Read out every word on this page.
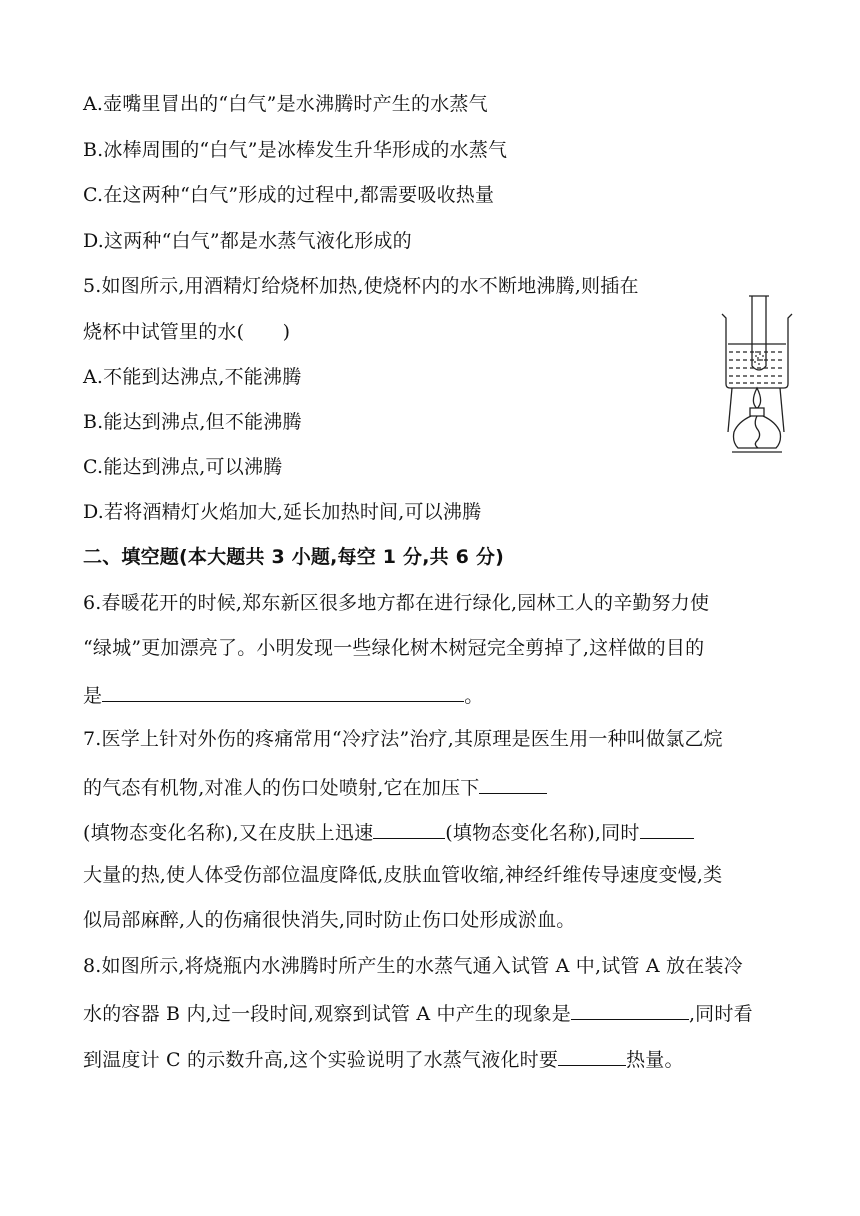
A.壶嘴里冒出的“白气”是水沸腾时产生的水蒸气
B.冰棒周围的“白气”是冰棒发生升华形成的水蒸气
C.在这两种“白气”形成的过程中,都需要吸收热量
D.这两种“白气”都是水蒸气液化形成的
5.如图所示,用酒精灯给烧杯加热,使烧杯内的水不断地沸腾,则插在
烧杯中试管里的水(　　)
A.不能到达沸点,不能沸腾
B.能达到沸点,但不能沸腾
C.能达到沸点,可以沸腾
D.若将酒精灯火焰加大,延长加热时间,可以沸腾
二、填空题(本大题共 3 小题,每空 1 分,共 6 分)
6.春暖花开的时候,郑东新区很多地方都在进行绿化,园林工人的辛勤努力使
“绿城”更加漂亮了。小明发现一些绿化树木树冠完全剪掉了,这样做的目的
是	。
7.医学上针对外伤的疼痛常用“冷疗法”治疗,其原理是医生用一种叫做氯乙烷
的气态有机物,对准人的伤口处喷射,它在加压下
(填物态变化名称),又在皮肤上迅速	(填物态变化名称),同时
大量的热,使人体受伤部位温度降低,皮肤血管收缩,神经纤维传导速度变慢,类
似局部麻醉,人的伤痛很快消失,同时防止伤口处形成淤血。
8.如图所示,将烧瓶内水沸腾时所产生的水蒸气通入试管 A 中,试管 A 放在装冷
水的容器 B 内,过一段时间,观察到试管 A 中产生的现象是	,同时看
到温度计 C 的示数升高,这个实验说明了水蒸气液化时要	热量。
